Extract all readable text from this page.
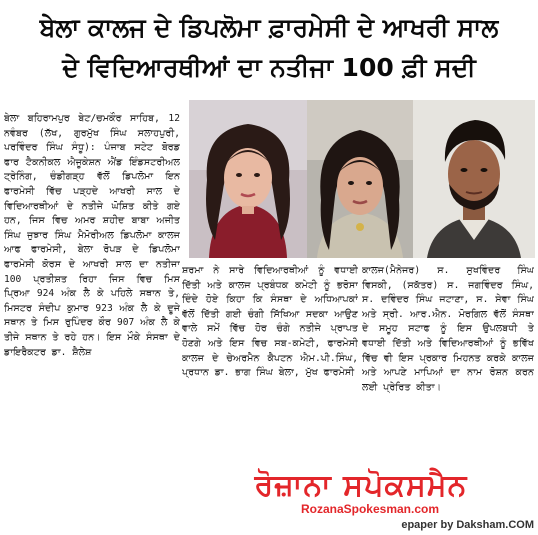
ਬੇਲਾ ਕਾਲਜ ਦੇ ਡਿਪਲੋਮਾ ਫ਼ਾਰਮੇਸੀ ਦੇ ਆਖਰੀ ਸਾਲ
ਦੇ ਵਿਦਿਆਰਥੀਆਂ ਦਾ ਨਤੀਜਾ 100 ਫ਼ੀ ਸਦੀ
ਬੇਲਾ ਬਹਿਰਾਮਪੁਰ ਬੇਟ/ਚਮਕੌਰ ਸਾਹਿਬ, 12 ਨਵੰਬਰ (ਲੱਖ, ਗੁਰਮੁੱਖ ਸਿੰਘ ਸਲਾਹਪੁਰੀ, ਪਰਵਿੰਦਰ ਸਿੰਘ ਸੰਧੂ): ਪੰਜਾਬ ਸਟੇਟ ਬੋਰਡ ਫਾਰ ਟੈਕਨੀਕਲ ਐਜੂਕੇਸ਼ਨ ਐਂਡ ਇੰਡਸਟਰੀਅਲ ਟ੍ਰੇਨਿੰਗ, ਚੰਡੀਗੜ੍ਹ ਵੱਲੋਂ ਡਿਪਲੋਮਾ ਇਨ ਫਾਰਮੇਸੀ ਵਿੱਚ ਪੜ੍ਹਦੇ ਆਖਰੀ ਸਾਲ ਦੇ ਵਿਦਿਆਰਥੀਆਂ ਦੇ ਨਤੀਜੇ ਘੋਸ਼ਿਤ ਕੀਤੇ ਗਏ ਹਨ, ਜਿਸ ਵਿਚ ਅਮਰ ਸ਼ਹੀਦ ਬਾਬਾ ਅਜੀਤ ਸਿੰਘ ਜੁਝਾਰ ਸਿੰਘ ਮੈਮੋਰੀਅਲ ਡਿਪਲੋਮਾ ਕਾਲਜ ਆਫ ਫਾਰਮੇਸੀ, ਬੇਲਾ ਰੋਪੜ ਦੇ ਡਿਪਲੋਮਾ ਫਾਰਮੇਸੀ ਕੋਰਸ ਦੇ ਆਖਰੀ ਸਾਲ ਦਾ ਨਤੀਜਾ 100 ਪ੍ਰਤੀਸ਼ਤ ਰਿਹਾ ਜਿਸ ਵਿਚ ਮਿਸ ਪ੍ਰਿਆ 924 ਅੰਕ ਲੈ ਕੇ ਪਹਿਲੇ ਸਥਾਨ ਤੇ, ਮਿਸਟਰ ਸੰਦੀਪ ਕੁਮਾਰ 923 ਅੰਕ ਲੈ ਕੇ ਦੂਜੇ ਸਥਾਨ ਤੇ ਮਿਸ ਰੁਪਿੰਦਰ ਕੌਰ 907 ਅੰਕ ਲੈ ਕੇ ਤੀਜੇ ਸਥਾਨ ਤੇ ਰਹੇ ਹਨ। ਇਸ ਮੌਕੇ ਸੰਸਥਾ ਦੇ ਡਾਇਰੈਕਟਰ ਡਾ. ਸ਼ੈਲੇਸ਼
ਸ਼ਰਮਾ ਨੇ ਸਾਰੇ ਵਿਦਿਆਰਥੀਆਂ ਨੂੰ ਵਧਾਈ ਦਿੱਤੀ ਅਤੇ ਕਾਲਜ ਪ੍ਰਬੰਧਕ ਕਮੇਟੀ ਨੂੰ ਭਰੋਸਾ ਦਿੰਦੇ ਹੋਏ ਕਿਹਾ ਕਿ ਸੰਸਥਾ ਦੇ ਅਧਿਆਪਕਾਂ ਵੱਲੋਂ ਦਿੱਤੀ ਗਈ ਚੰਗੀ ਸਿੱਖਿਆ ਸਦਕਾ ਆਉਣ ਵਾਲੇ ਸਮੇਂ ਵਿੱਚ ਹੋਰ ਚੰਗੇ ਨਤੀਜੇ ਪ੍ਰਾਪਤ ਹੋਣਗੇ ਅਤੇ ਇਸ ਵਿਚ ਸਬ-ਕਮੇਟੀ, ਫਾਰਮੇਸੀ ਕਾਲਜ ਦੇ ਚੇਅਰਮੈਨ ਕੈਪਟਨ ਐਮ.ਪੀ.ਸਿੰਘ, ਪ੍ਰਧਾਨ ਡਾ. ਭਾਗ ਸਿੰਘ ਬੇਲਾ, ਮੁੱਖ ਫਾਰਮੇਸੀ
ਕਾਲਜ(ਮੈਨੇਜਰ) ਸ. ਸੁਖਵਿੰਦਰ ਸਿੰਘ ਵਿਸਕੀ, (ਸਕੱਤਰ) ਸ. ਜਗਵਿੰਦਰ ਸਿੰਘ, ਸ. ਦਵਿੰਦਰ ਸਿੰਘ ਜਟਾਣਾ, ਸ. ਸੇਵਾ ਸਿੰਘ ਅਤੇ ਸ੍ਰੀ. ਆਰ.ਐਨ. ਮੋਰਗਿਲ ਵੱਲੋਂ ਸੰਸਥਾ ਦੇ ਸਮੂਹ ਸਟਾਫ ਨੂੰ ਇਸ ਉਪਲਬਧੀ ਤੇ ਵਧਾਈ ਦਿੱਤੀ ਅਤੇ ਵਿਦਿਆਰਥੀਆਂ ਨੂੰ ਭਵਿੱਖ ਵਿੱਚ ਵੀ ਇਸ ਪ੍ਰਕਾਰ ਮਿਹਨਤ ਕਰਕੇ ਕਾਲਜ ਅਤੇ ਆਪਣੇ ਮਾਪਿਆਂ ਦਾ ਨਾਮ ਰੋਸ਼ਨ ਕਰਨ ਲਈ ਪ੍ਰੇਰਿਤ ਕੀਤਾ।
ਰੋਜ਼ਾਨਾ ਸਪੋਕਸਮੈਨ
RozanaSpokesman.com
epaper by Daksham.COM
